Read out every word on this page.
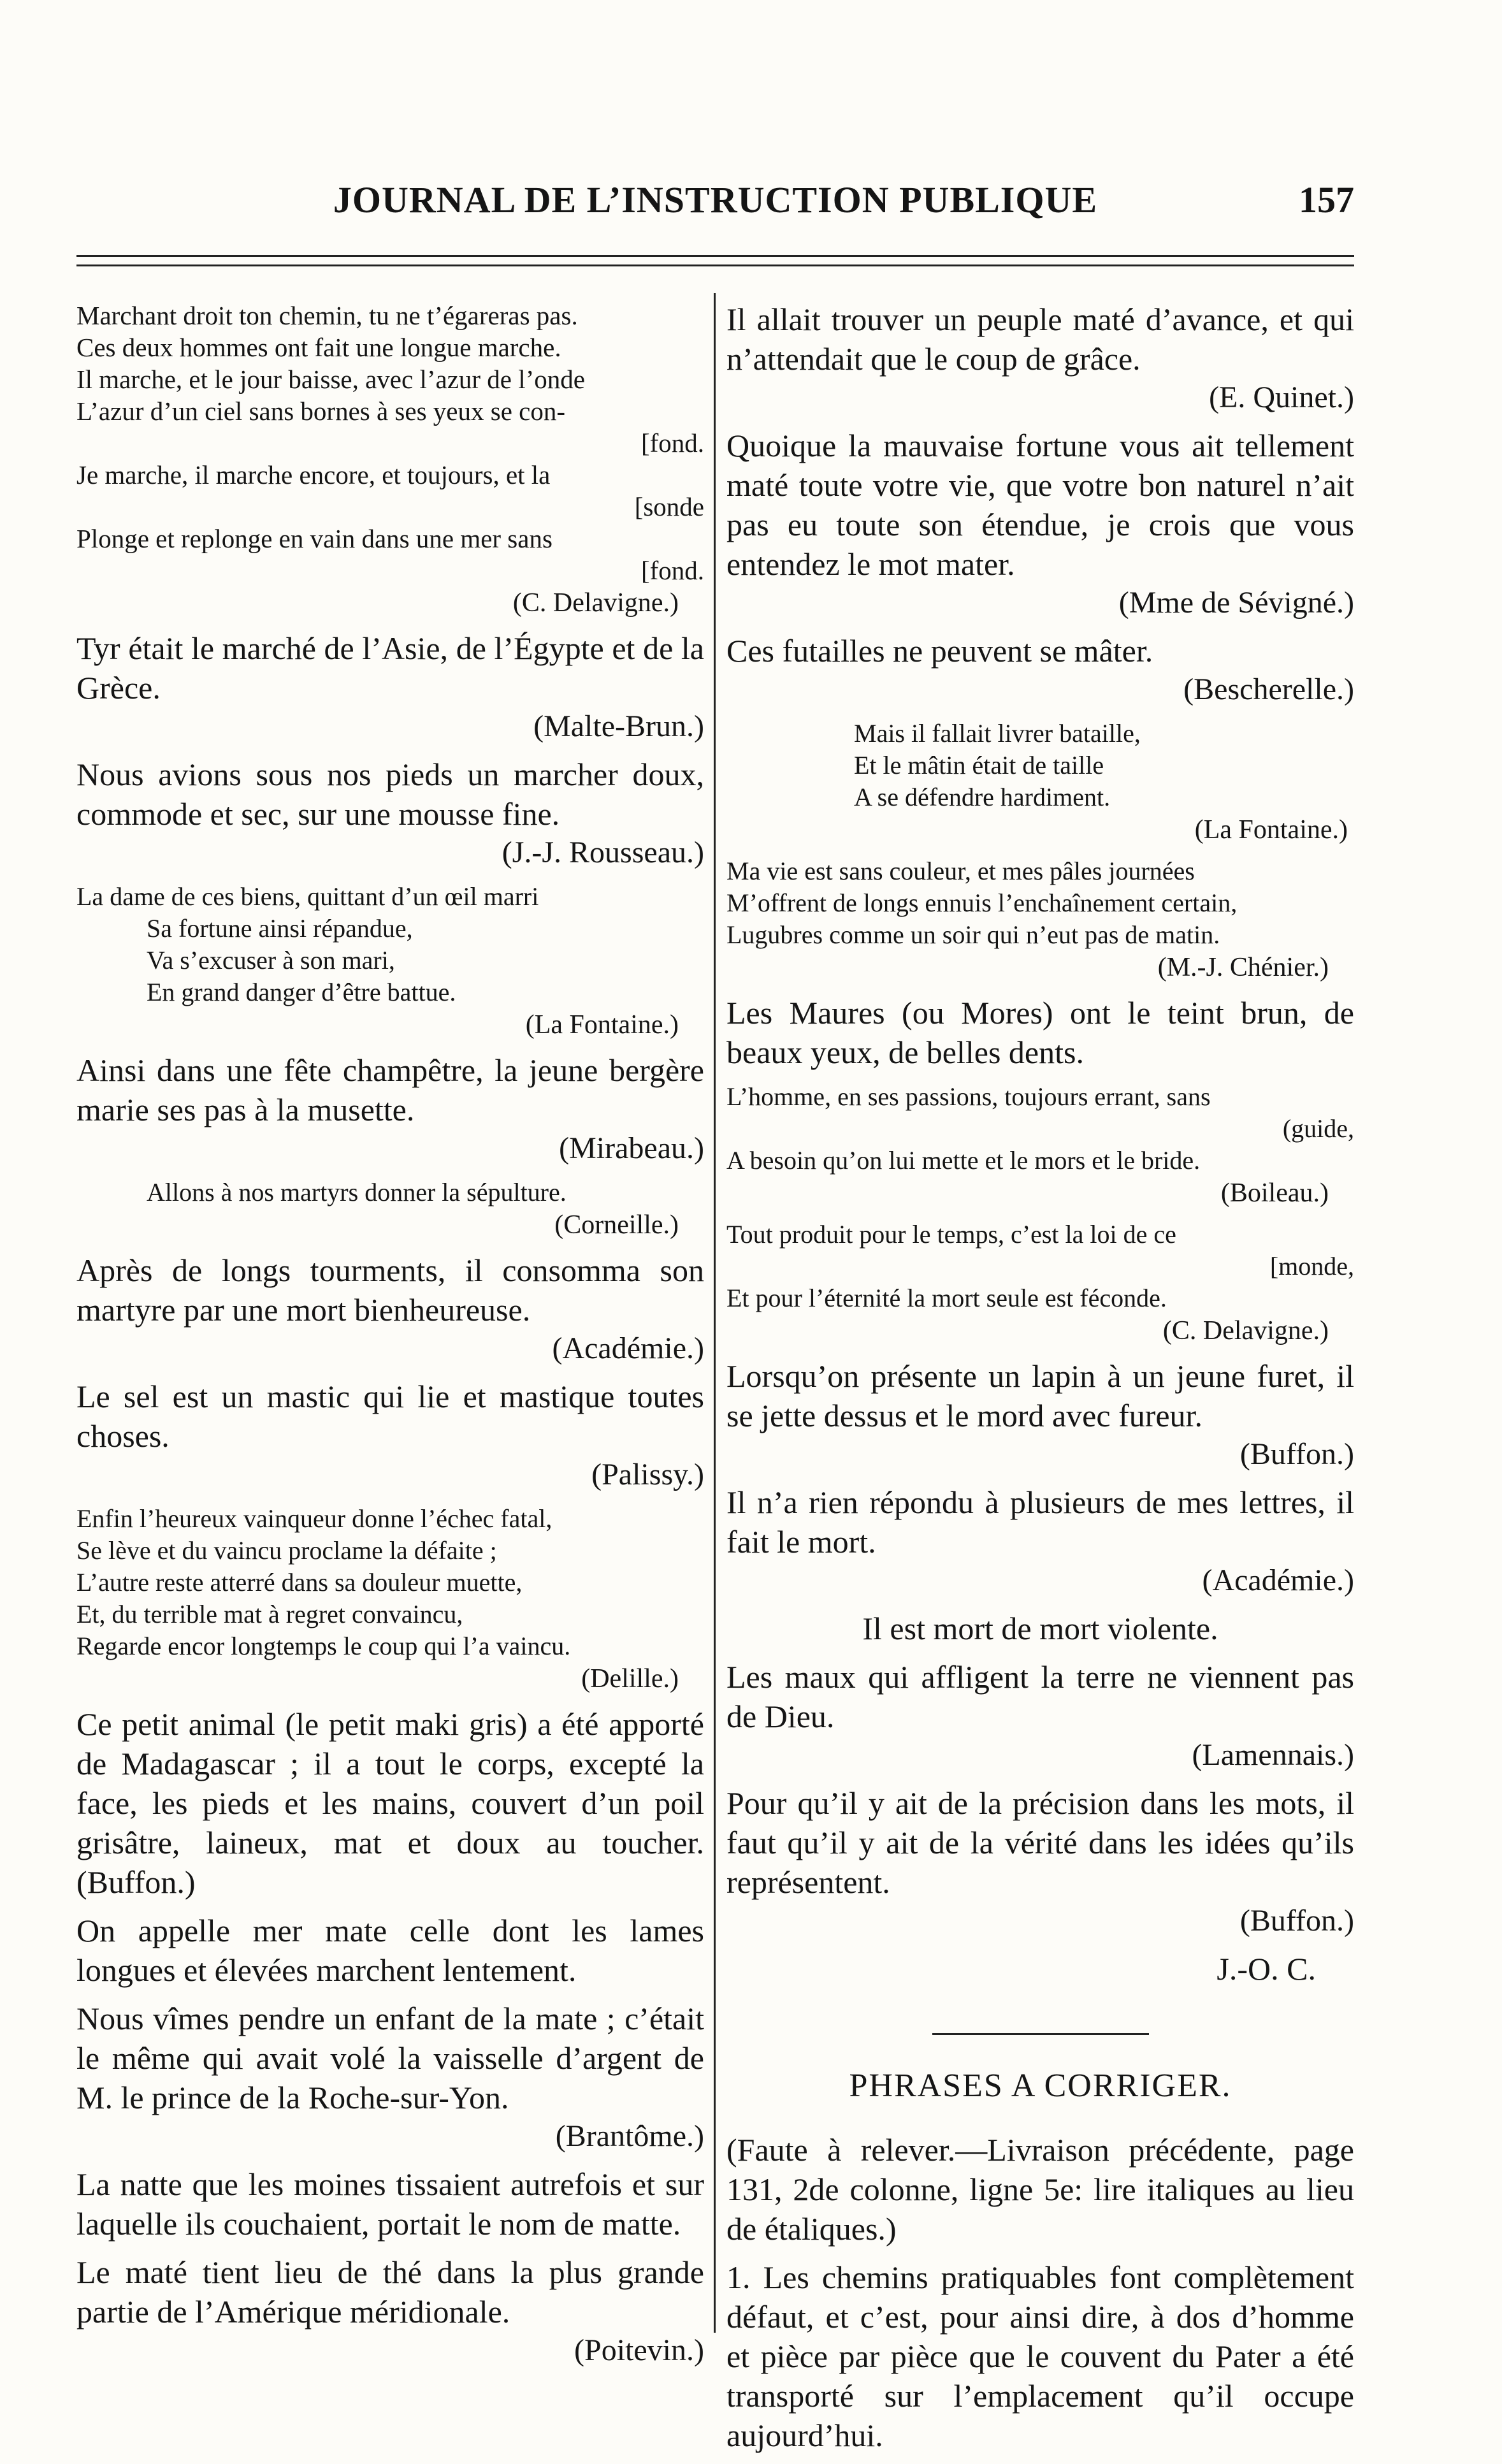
JOURNAL DE L’INSTRUCTION PUBLIQUE	157
Marchant droit ton chemin, tu ne t’égareras pas.
Ces deux hommes ont fait une longue marche.
Il marche, et le jour baisse, avec l’azur de l’onde
L’azur d’un ciel sans bornes à ses yeux se con-
[fond.
Je marche, il marche encore, et toujours, et la
[sonde
Plonge et replonge en vain dans une mer sans
[fond.
(C. Delavigne.)
Tyr était le marché de l’Asie, de l’Égypte et de la Grèce.
(Malte-Brun.)
Nous avions sous nos pieds un marcher doux, commode et sec, sur une mousse fine.
(J.-J. Rousseau.)
La dame de ces biens, quittant d’un œil marri
Sa fortune ainsi répandue,
Va s’excuser à son mari,
En grand danger d’être battue.
(La Fontaine.)
Ainsi dans une fête champêtre, la jeune bergère marie ses pas à la musette.
(Mirabeau.)
Allons à nos martyrs donner la sépulture.
(Corneille.)
Après de longs tourments, il consomma son martyre par une mort bienheureuse.
(Académie.)
Le sel est un mastic qui lie et mastique toutes choses.
(Palissy.)
Enfin l’heureux vainqueur donne l’échec fatal,
Se lève et du vaincu proclame la défaite ;
L’autre reste atterré dans sa douleur muette,
Et, du terrible mat à regret convaincu,
Regarde encor longtemps le coup qui l’a vaincu.
(Delille.)
Ce petit animal (le petit maki gris) a été apporté de Madagascar ; il a tout le corps, excepté la face, les pieds et les mains, couvert d’un poil grisâtre, laineux, mat et doux au toucher. (Buffon.)
On appelle mer mate celle dont les lames longues et élevées marchent lentement.
Nous vîmes pendre un enfant de la mate ; c’était le même qui avait volé la vaisselle d’argent de M. le prince de la Roche-sur-Yon.
(Brantôme.)
La natte que les moines tissaient autrefois et sur laquelle ils couchaient, portait le nom de matte.
Le maté tient lieu de thé dans la plus grande partie de l’Amérique méridionale.
(Poitevin.)
Il allait trouver un peuple maté d’avance, et qui n’attendait que le coup de grâce.
(E. Quinet.)
Quoique la mauvaise fortune vous ait tellement maté toute votre vie, que votre bon naturel n’ait pas eu toute son étendue, je crois que vous entendez le mot mater.
(Mme de Sévigné.)
Ces futailles ne peuvent se mâter.
(Bescherelle.)
Mais il fallait livrer bataille,
Et le mâtin était de taille
A se défendre hardiment.
(La Fontaine.)
Ma vie est sans couleur, et mes pâles journées
M’offrent de longs ennuis l’enchaînement certain,
Lugubres comme un soir qui n’eut pas de matin.
(M.-J. Chénier.)
Les Maures (ou Mores) ont le teint brun, de beaux yeux, de belles dents.
L’homme, en ses passions, toujours errant, sans
(guide,
A besoin qu’on lui mette et le mors et le bride.
(Boileau.)
Tout produit pour le temps, c’est la loi de ce
[monde,
Et pour l’éternité la mort seule est féconde.
(C. Delavigne.)
Lorsqu’on présente un lapin à un jeune furet, il se jette dessus et le mord avec fureur.
(Buffon.)
Il n’a rien répondu à plusieurs de mes lettres, il fait le mort.
(Académie.)
Il est mort de mort violente.
Les maux qui affligent la terre ne viennent pas de Dieu.
(Lamennais.)
Pour qu’il y ait de la précision dans les mots, il faut qu’il y ait de la vérité dans les idées qu’ils représentent.
(Buffon.)
J.-O. C.
PHRASES A CORRIGER.
(Faute à relever.—Livraison précédente, page 131, 2de colonne, ligne 5e: lire italiques au lieu de étaliques.)
1. Les chemins pratiquables font complètement défaut, et c’est, pour ainsi dire, à dos d’homme et pièce par pièce que le couvent du Pater a été transporté sur l’emplacement qu’il occupe aujourd’hui.
